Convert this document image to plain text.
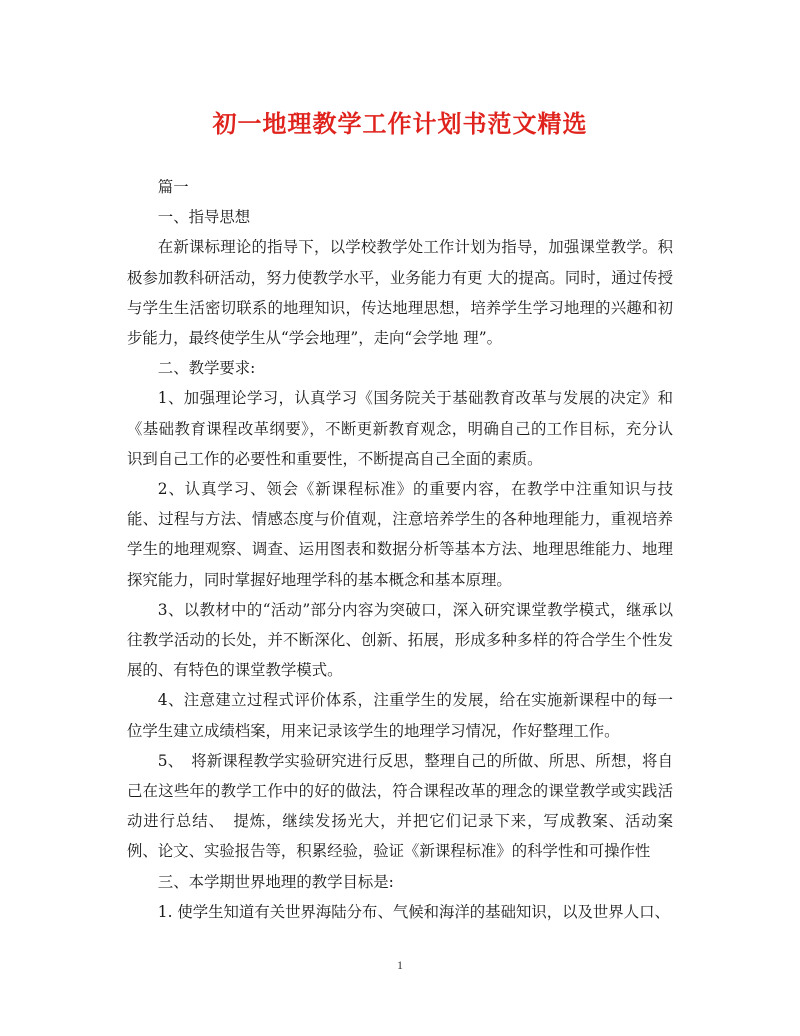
初一地理教学工作计划书范文精选

篇一

一、指导思想

在新课标理论的指导下，以学校教学处工作计划为指导，加强课堂教学。积极参加教科研活动，努力使教学水平，业务能力有更 大的提高。同时，通过传授与学生生活密切联系的地理知识，传达地理思想，培养学生学习地理的兴趣和初步能力，最终使学生从“学会地理”，走向“会学地 理”。

二、教学要求:

1、加强理论学习，认真学习《国务院关于基础教育改革与发展的决定》和《基础教育课程改革纲要》，不断更新教育观念，明确自己的工作目标，充分认识到自己工作的必要性和重要性，不断提高自己全面的素质。

2、认真学习、领会《新课程标准》的重要内容，在教学中注重知识与技能、过程与方法、情感态度与价值观，注意培养学生的各种地理能力，重视培养学生的地理观察、调查、运用图表和数据分析等基本方法、地理思维能力、地理探究能力，同时掌握好地理学科的基本概念和基本原理。

3、以教材中的“活动”部分内容为突破口，深入研究课堂教学模式，继承以往教学活动的长处，并不断深化、创新、拓展，形成多种多样的符合学生个性发展的、有特色的课堂教学模式。

4、注意建立过程式评价体系，注重学生的发展，给在实施新课程中的每一位学生建立成绩档案，用来记录该学生的地理学习情况，作好整理工作。

5、　将新课程教学实验研究进行反思，整理自己的所做、所思、所想，将自己在这些年的教学工作中的好的做法，符合课程改革的理念的课堂教学或实践活动进行总结、　提炼，继续发扬光大，并把它们记录下来，写成教案、活动案例、论文、实验报告等，积累经验，验证《新课程标准》的科学性和可操作性

三、本学期世界地理的教学目标是:

1. 使学生知道有关世界海陆分布、气候和海洋的基础知识，以及世界人口、

1
